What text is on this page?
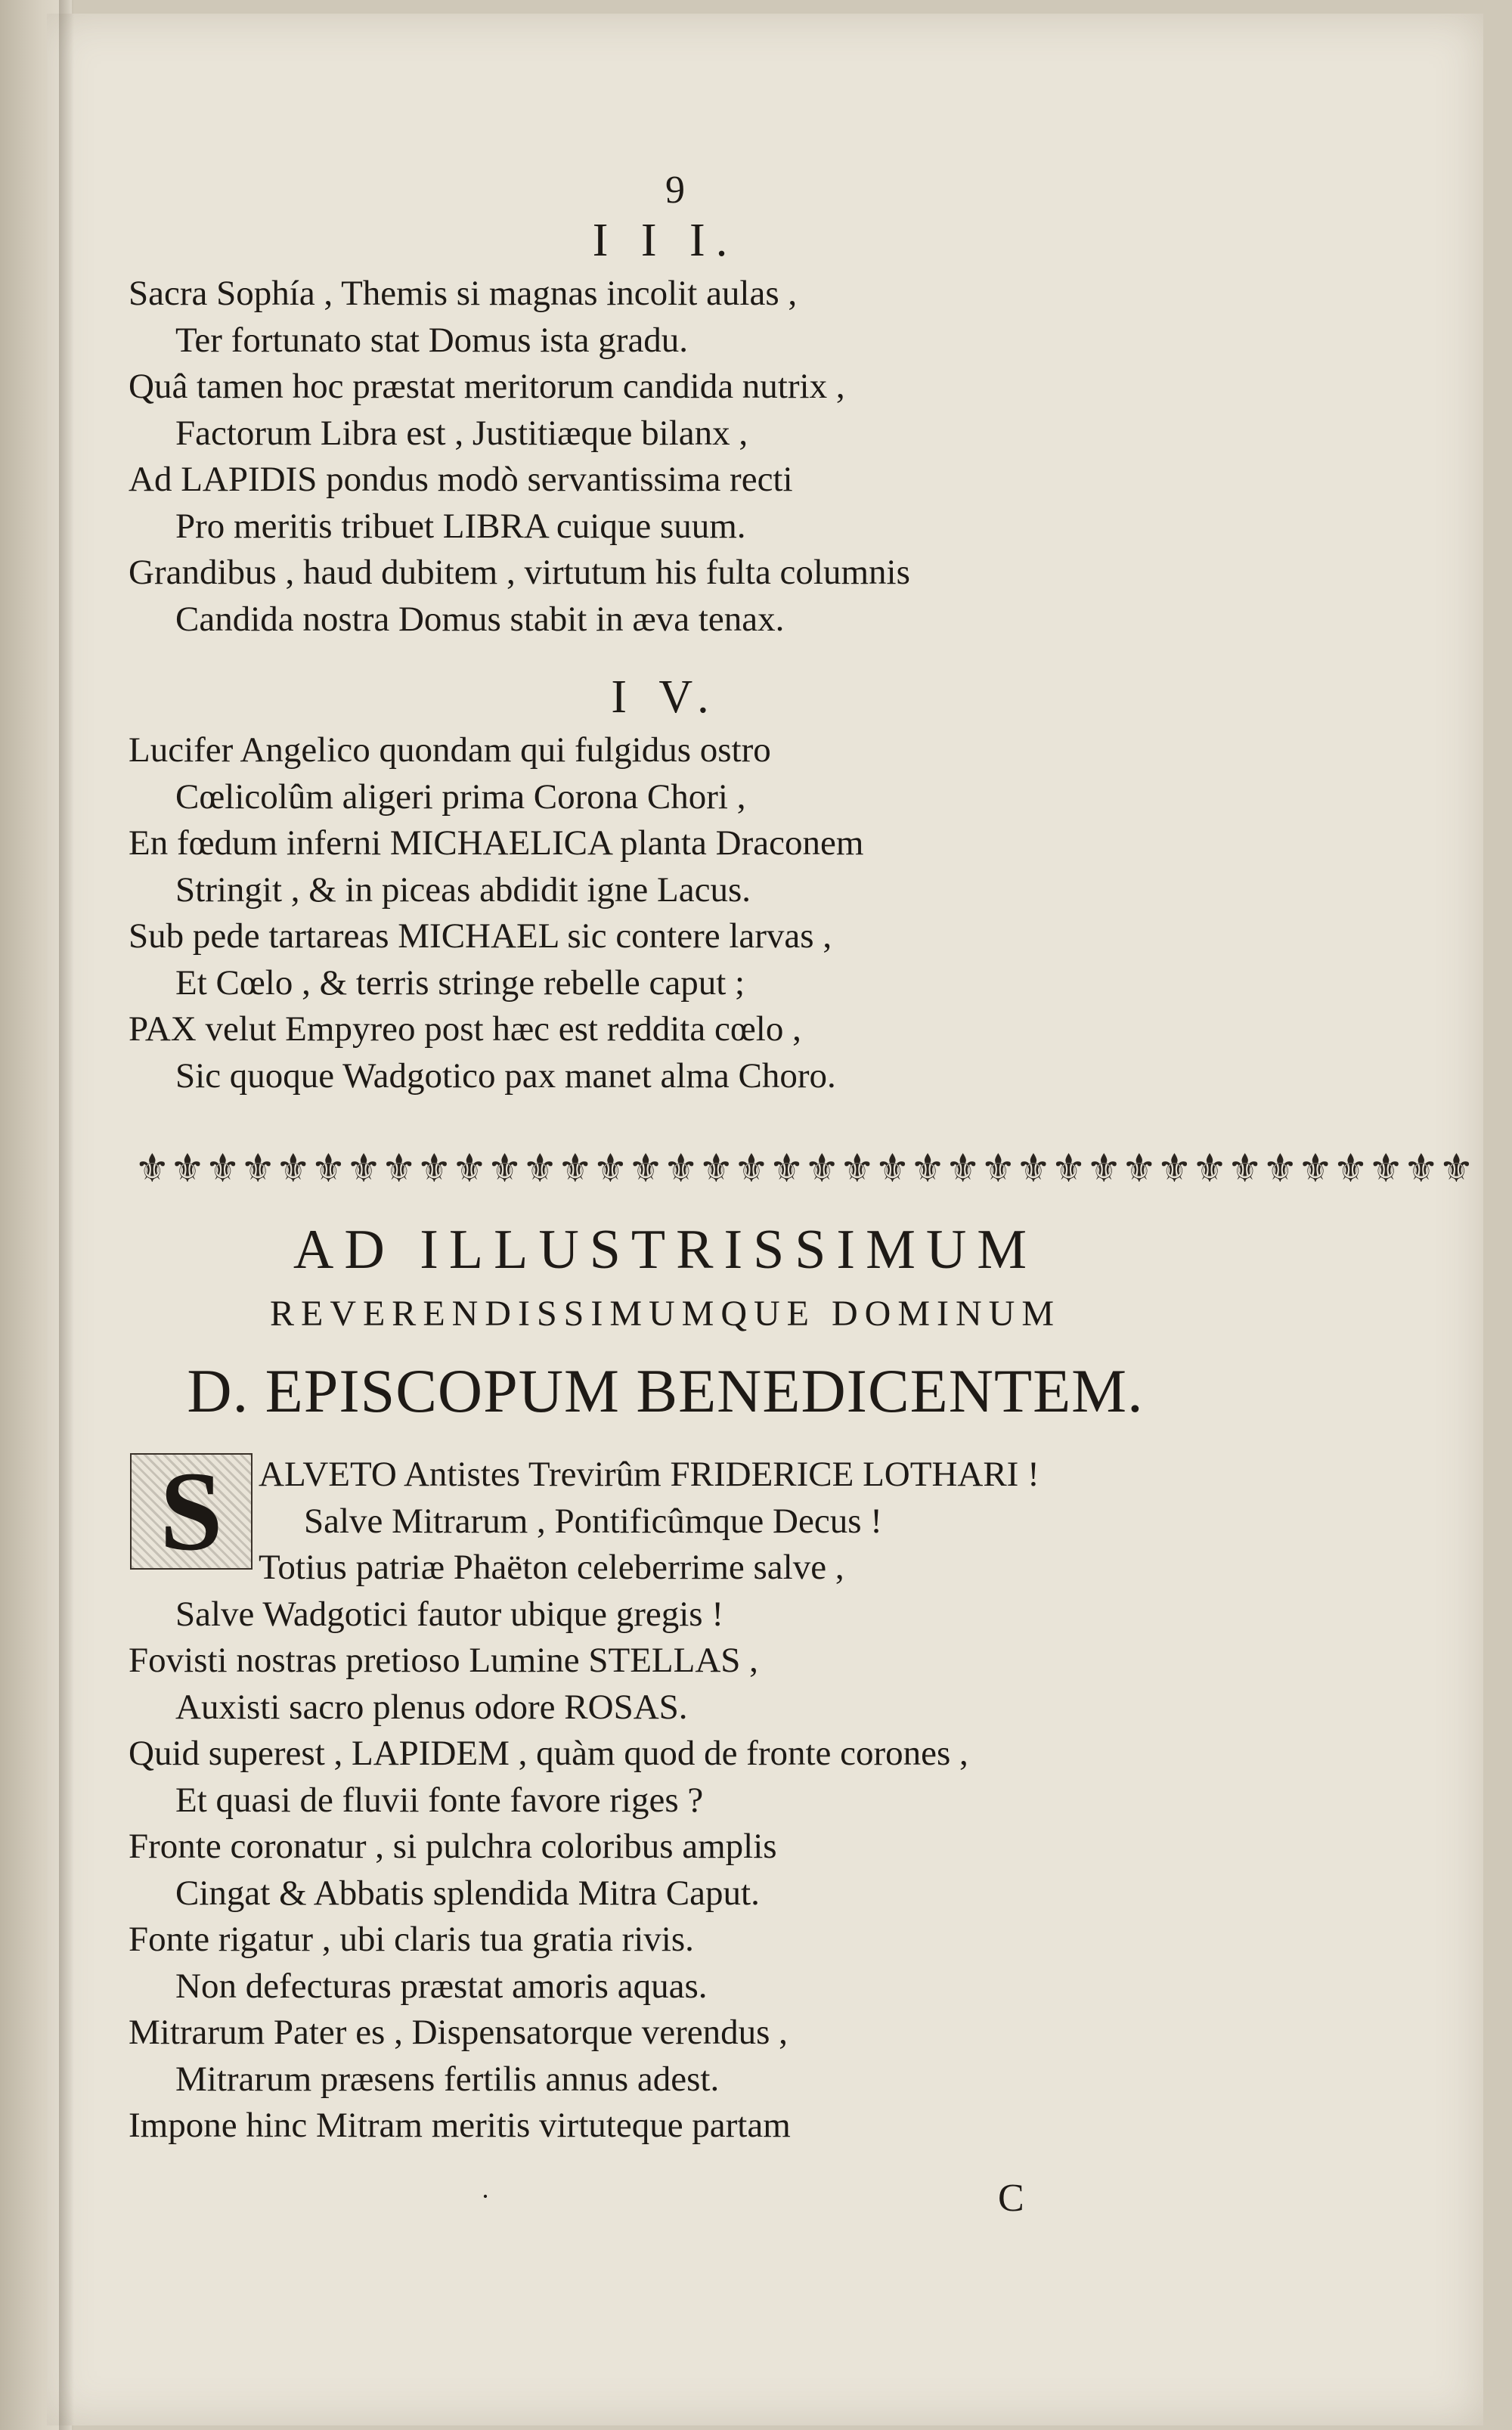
I I I.
Sacra Sophía , Themis si magnas incolit aulas ,
Ter fortunato stat Domus ista gradu.
Quâ tamen hoc præstat meritorum candida nutrix ,
Factorum Libra est , Justitiæque bilanx ,
Ad LAPIDIS pondus modò servantissima recti
Pro meritis tribuet LIBRA cuique suum.
Grandibus , haud dubitem , virtutum his fulta columnis
Candida nostra Domus stabit in æva tenax.
I V.
Lucifer Angelico quondam qui fulgidus ostro
Cœlicolûm aligeri prima Corona Chori ,
En fœdum inferni MICHAELICA planta Draconem
Stringit , & in piceas abdidit igne Lacus.
Sub pede tartareas MICHAEL sic contere larvas ,
Et Cœlo , & terris stringe rebelle caput ;
PAX velut Empyreo post hæc est reddita cœlo ,
Sic quoque Wadgotico pax manet alma Choro.
9
⚜ ⚜ ⚜ ⚜ ⚜ ⚜ ⚜ ⚜ ⚜ ⚜ ⚜ ⚜ ⚜ ⚜ ⚜ ⚜ ⚜ ⚜ ⚜ ⚜ ⚜ ⚜ ⚜ ⚜ ⚜ ⚜ ⚜ ⚜ ⚜ ⚜ ⚜ ⚜ ⚜ ⚜ ⚜ ⚜ ⚜ ⚜
AD ILLUSTRISSIMUM
REVERENDISSIMUMQUE DOMINUM
D. EPISCOPUM BENEDICENTEM.
ALVETO Antistes Trevirûm FRIDERICE LOTHARI !
Salve Mitrarum , Pontificûmque Decus !
Totius patriæ Phaëton celeberrime salve ,
Salve Wadgotici fautor ubique gregis !
Fovisti nostras pretioso Lumine STELLAS ,
Auxisti sacro plenus odore ROSAS.
Quid superest , LAPIDEM , quàm quod de fronte corones ,
Et quasi de fluvii fonte favore riges ?
Fronte coronatur , si pulchra coloribus amplis
Cingat & Abbatis splendida Mitra Caput.
Fonte rigatur , ubi claris tua gratia rivis.
Non defecturas præstat amoris aquas.
Mitrarum Pater es , Dispensatorque verendus ,
Mitrarum præsens fertilis annus adest.
Impone hinc Mitram meritis virtuteque partam
S
·	C
